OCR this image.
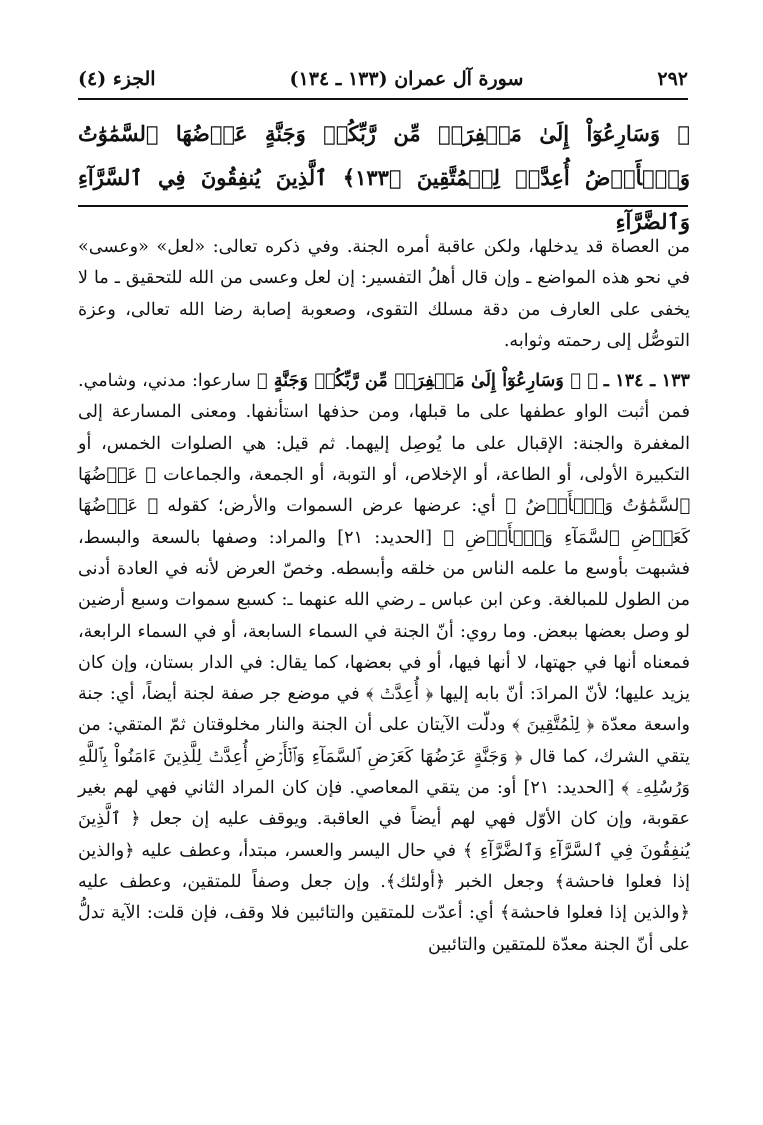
٢٩٢
سورة آل عمران (١٣٣ ـ ١٣٤)
الجزء (٤)
۞ وَسَارِعُوٓاْ إِلَىٰ مَغۡفِرَةٖ مِّن رَّبِّكُمۡ وَجَنَّةٍ عَرۡضُهَا ٱلسَّمَٰوَٰتُ وَٱلۡأَرۡضُ أُعِدَّتۡ لِلۡمُتَّقِينَ ﴿١٣٣﴾ ٱلَّذِينَ يُنفِقُونَ فِي ٱلسَّرَّآءِ وَٱلضَّرَّآءِ

من العصاة قد يدخلها، ولكن عاقبة أمره الجنة. وفي ذكره تعالى: «لعل» «وعسى» في نحو هذه المواضع ـ وإن قال أهلُ التفسير: إن لعل وعسى من الله للتحقيق ـ ما لا يخفى على العارف من دقة مسلك التقوى، وصعوبة إصابة رضا الله تعالى، وعزة التوصُّل إلى رحمته وثوابه.

١٣٣ ـ ١٣٤ ـ ﴿ ۞ وَسَارِعُوٓاْ إِلَىٰ مَغۡفِرَةٖ مِّن رَّبِّكُمۡ وَجَنَّةٍ ﴾ سارعوا: مدني، وشامي. فمن أثبت الواو عطفها على ما قبلها، ومن حذفها استأنفها. ومعنى المسارعة إلى المغفرة والجنة: الإقبال على ما يُوصِل إليهما. ثم قيل: هي الصلوات الخمس، أو التكبيرة الأولى، أو الطاعة، أو الإخلاص، أو التوبة، أو الجمعة، والجماعات ﴿ عَرۡضُهَا ٱلسَّمَٰوَٰتُ وَٱلۡأَرۡضُ ﴾ أي: عرضها عرض السموات والأرض؛ كقوله ﴿ عَرۡضُهَا كَعَرۡضِ ٱلسَّمَآءِ وَٱلۡأَرۡضِ ﴾ [الحديد: ٢١] والمراد: وصفها بالسعة والبسط، فشبهت بأوسع ما علمه الناس من خلقه وأبسطه. وخصّ العرض لأنه في العادة أدنى من الطول للمبالغة. وعن ابن عباس ـ رضي الله عنهما ـ: كسبع سموات وسبع أرضين لو وصل بعضها ببعض. وما روي: أنّ الجنة في السماء السابعة، أو في السماء الرابعة، فمعناه أنها في جهتها، لا أنها فيها، أو في بعضها، كما يقال: في الدار بستان، وإن كان يزيد عليها؛ لأنّ المرادَ: أنّ بابه إليها ﴿ أُعِدَّتۡ ﴾ في موضع جر صفة لجنة أيضاً، أي: جنة واسعة معدّة ﴿ لِلۡمُتَّقِينَ ﴾ ودلّت الآيتان على أن الجنة والنار مخلوقتان ثمّ المتقي: من يتقي الشرك، كما قال ﴿ وَجَنَّةٍ عَرۡضُهَا كَعَرۡضِ ٱلسَّمَآءِ وَٱلۡأَرۡضِ أُعِدَّتۡ لِلَّذِينَ ءَامَنُواْ بِٱللَّهِ وَرُسُلِهِۦ ﴾ [الحديد: ٢١] أو: من يتقي المعاصي. فإن كان المراد الثاني فهي لهم بغير عقوبة، وإن كان الأوّل فهي لهم أيضاً في العاقبة. ويوقف عليه إن جعل ﴿ ٱلَّذِينَ يُنفِقُونَ فِي ٱلسَّرَّآءِ وَٱلضَّرَّآءِ ﴾ في حال اليسر والعسر، مبتدأ، وعطف عليه ﴿والذين إذا فعلوا فاحشة﴾ وجعل الخبر ﴿أولئك﴾. وإن جعل وصفاً للمتقين، وعطف عليه ﴿والذين إذا فعلوا فاحشة﴾ أي: أعدّت للمتقين والتائبين فلا وقف، فإن قلت: الآية تدلُّ على أنّ الجنة معدّة للمتقين والتائبين
